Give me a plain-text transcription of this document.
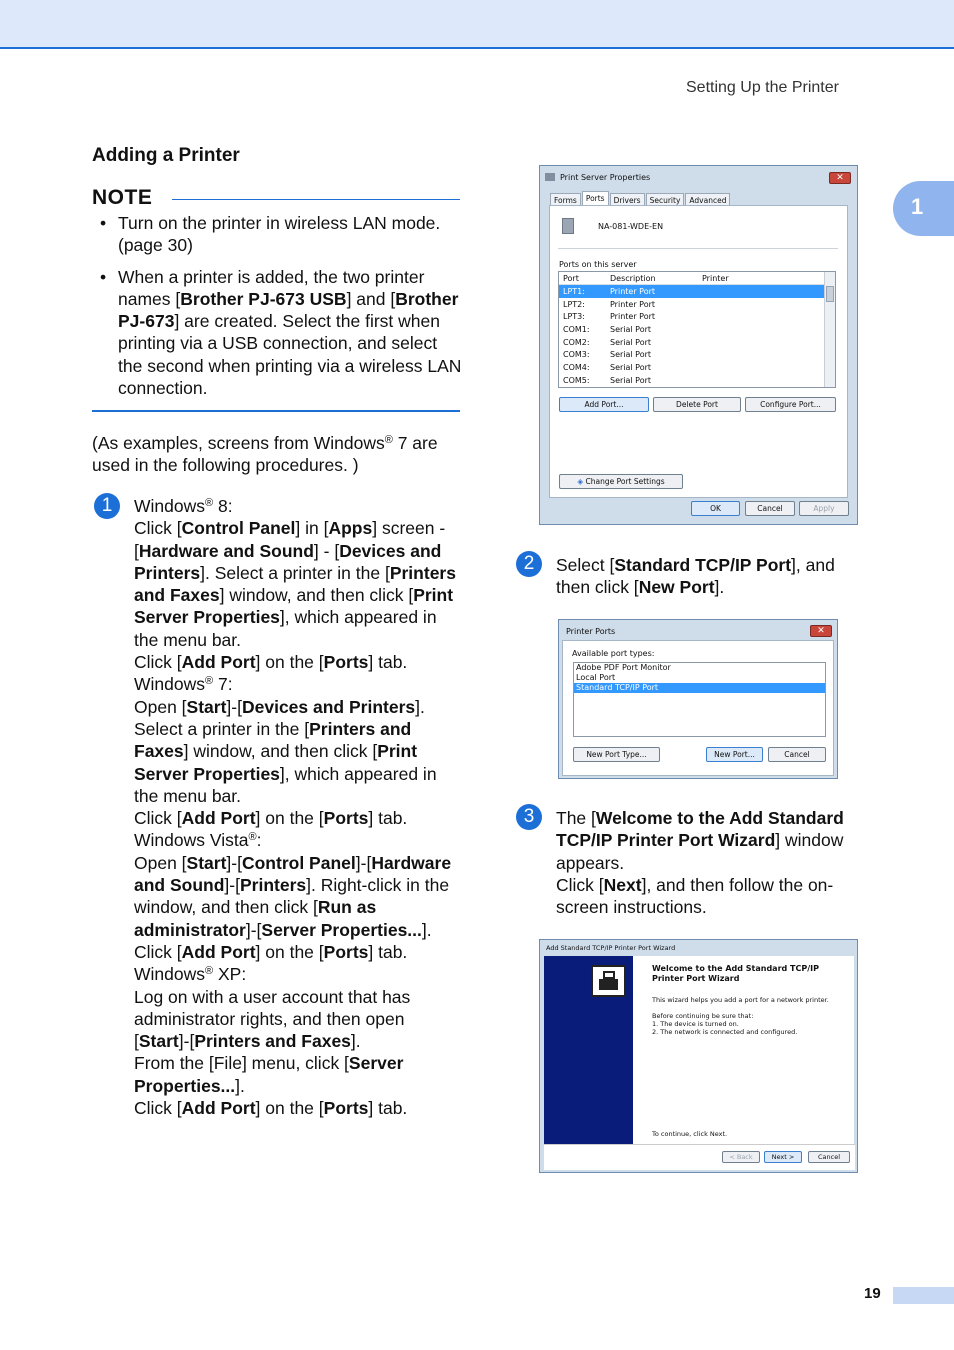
Setting Up the Printer
1
Adding a Printer
NOTE
• Turn on the printer in wireless LAN mode. (page 30)
• When a printer is added, the two printer names [Brother PJ-673 USB] and [Brother PJ-673] are created. Select the first when printing via a USB connection, and select the second when printing via a wireless LAN connection.
(As examples, screens from Windows® 7 are used in the following procedures. )
1	Windows® 8:

Click [Control Panel] in [Apps] screen - [Hardware and Sound] - [Devices and Printers]. Select a printer in the [Printers and Faxes] window, and then click [Print Server Properties], which appeared in the menu bar.

Click [Add Port] on the [Ports] tab.

Windows® 7:

Open [Start]-[Devices and Printers]. Select a printer in the [Printers and Faxes] window, and then click [Print Server Properties], which appeared in the menu bar.

Click [Add Port] on the [Ports] tab.

Windows Vista®:

Open [Start]-[Control Panel]-[Hardware and Sound]-[Printers]. Right-click in the window, and then click [Run as administrator]-[Server Properties...].

Click [Add Port] on the [Ports] tab.

Windows® XP:

Log on with a user account that has administrator rights, and then open [Start]-[Printers and Faxes].

From the [File] menu, click [Server Properties...].

Click [Add Port] on the [Ports] tab.

Print Server Properties	✕
Forms	Ports	Drivers	Security	Advanced
NA-081-WDE-EN
Ports on this server
Port	Description	Printer
LPT1:	Printer Port
LPT2:	Printer Port
LPT3:	Printer Port
COM1:	Serial Port
COM2:	Serial Port
COM3:	Serial Port
COM4:	Serial Port
COM5:	Serial Port
Add Port...	Delete Port	Configure Port...
◈ Change Port Settings
OK	Cancel	Apply
2	Select [Standard TCP/IP Port], and then click [New Port].

Printer Ports	✕
Available port types:
Adobe PDF Port Monitor
Local Port
Standard TCP/IP Port
New Port Type...	New Port...	Cancel
3	The [Welcome to the Add Standard TCP/IP Printer Port Wizard] window appears.

Click [Next], and then follow the on-screen instructions.

Add Standard TCP/IP Printer Port Wizard
Welcome to the Add Standard TCP/IP Printer Port Wizard
This wizard helps you add a port for a network printer.
Before continuing be sure that:
1. The device is turned on.
2. The network is connected and configured.
To continue, click Next.
< Back	Next >	Cancel
19
